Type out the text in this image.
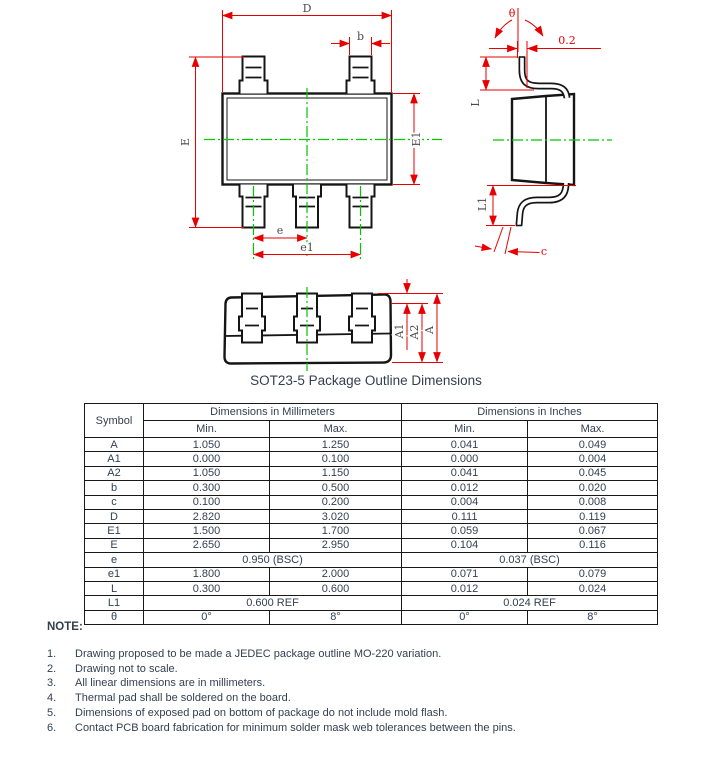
D
b
E	E1
e
e1
θ
0.2
L
L1
c
A1 A2 A
SOT23-5 Package Outline Dimensions
Symbol	Dimensions in Millimeters		Dimensions in Inches	
	Min.	Max.	Min.	Max.
A	1.050	1.250	0.041	0.049
A1	0.000	0.100	0.000	0.004
A2	1.050	1.150	0.041	0.045
b	0.300	0.500	0.012	0.020
c	0.100	0.200	0.004	0.008
D	2.820	3.020	0.111	0.119
E1	1.500	1.700	0.059	0.067
E	2.650	2.950	0.104	0.116
e	0.950 (BSC)		0.037 (BSC)	
e1	1.800	2.000	0.071	0.079
L	0.300	0.600	0.012	0.024
L1	0.600 REF		0.024 REF	
θ	0°	8°	0°	8°
NOTE:
1.	Drawing proposed to be made a JEDEC package outline MO-220 variation.
2.	Drawing not to scale.
3.	All linear dimensions are in millimeters.
4.	Thermal pad shall be soldered on the board.
5.	Dimensions of exposed pad on bottom of package do not include mold flash.
6.	Contact PCB board fabrication for minimum solder mask web tolerances between the pins.
